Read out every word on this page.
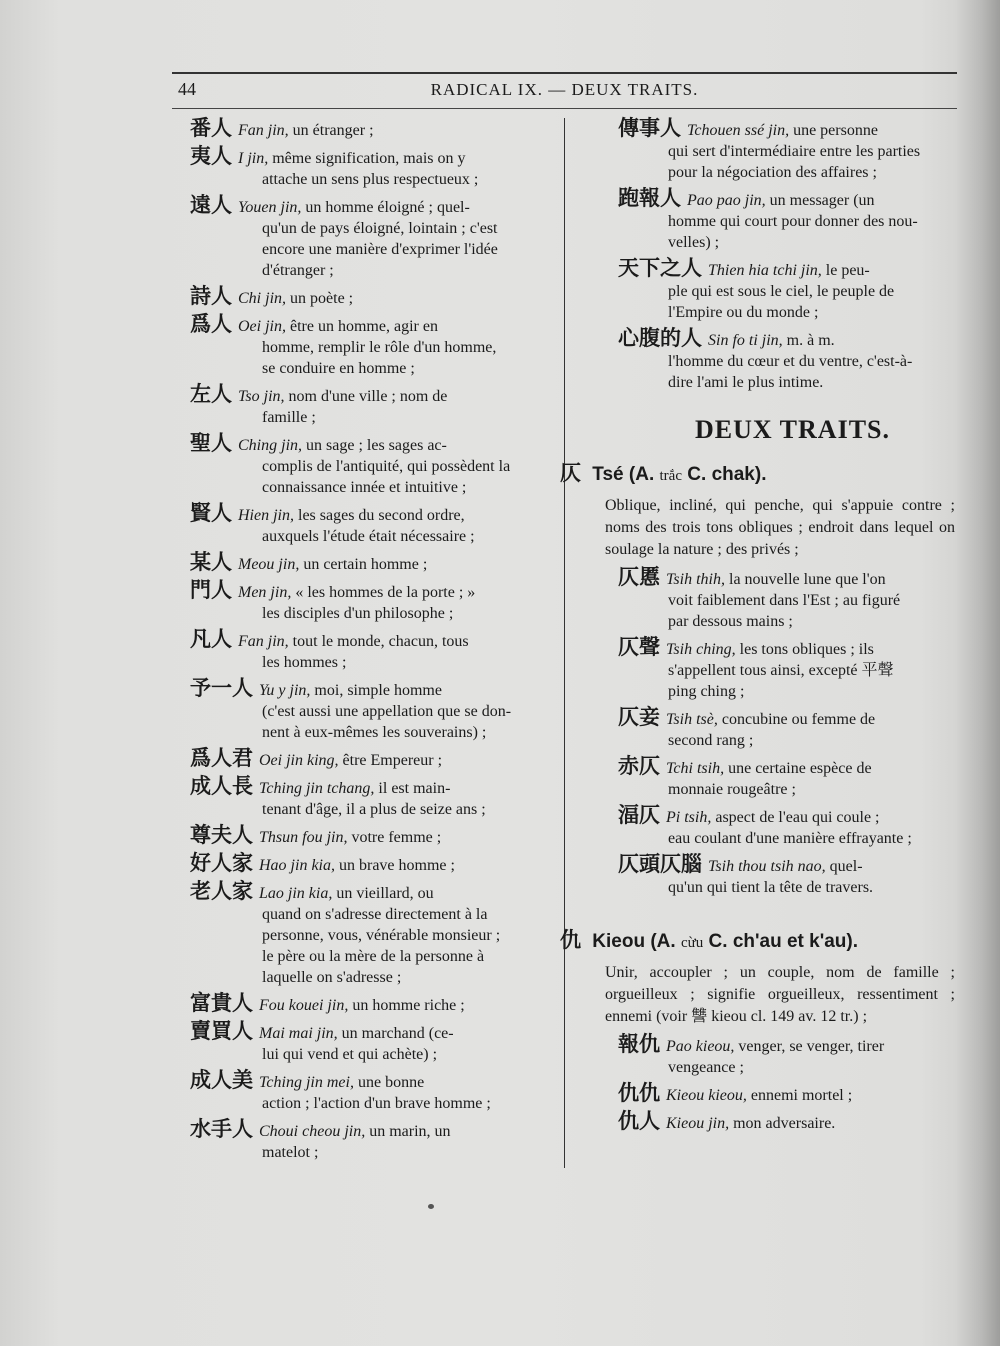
44	RADICAL IX. — DEUX TRAITS.

番人 Fan jin, un étranger ;

夷人 I jin, même signification, mais on y

attache un sens plus respectueux ;

遠人 Youen jin, un homme éloigné ; quel-

qu'un de pays éloigné, lointain ; c'est

encore une manière d'exprimer l'idée

d'étranger ;

詩人 Chi jin, un poète ;

爲人 Oei jin, être un homme, agir en

homme, remplir le rôle d'un homme,

se conduire en homme ;

左人 Tso jin, nom d'une ville ; nom de

famille ;

聖人 Ching jin, un sage ; les sages ac-

complis de l'antiquité, qui possèdent la

connaissance innée et intuitive ;

賢人 Hien jin, les sages du second ordre,

auxquels l'étude était nécessaire ;

某人 Meou jin, un certain homme ;

門人 Men jin, « les hommes de la porte ; »

les disciples d'un philosophe ;

凡人 Fan jin, tout le monde, chacun, tous

les hommes ;

予一人 Yu y jin, moi, simple homme

(c'est aussi une appellation que se don-

nent à eux-mêmes les souverains) ;

爲人君 Oei jin king, être Empereur ;

成人長 Tching jin tchang, il est main-

tenant d'âge, il a plus de seize ans ;

尊夫人 Thsun fou jin, votre femme ;

好人家 Hao jin kia, un brave homme ;

老人家 Lao jin kia, un vieillard, ou

quand on s'adresse directement à la

personne, vous, vénérable monsieur ;

le père ou la mère de la personne à

laquelle on s'adresse ;

富貴人 Fou kouei jin, un homme riche ;

賣買人 Mai mai jin, un marchand (ce-

lui qui vend et qui achète) ;

成人美 Tching jin mei, une bonne

action ; l'action d'un brave homme ;

水手人 Choui cheou jin, un marin, un

matelot ;

傳事人 Tchouen ssé jin, une personne

qui sert d'intermédiaire entre les parties

pour la négociation des affaires ;

跑報人 Pao pao jin, un messager (un

homme qui court pour donner des nou-

velles) ;

天下之人 Thien hia tchi jin, le peu-

ple qui est sous le ciel, le peuple de

l'Empire ou du monde ;

心腹的人 Sin fo ti jin, m. à m.

l'homme du cœur et du ventre, c'est-à-

dire l'ami le plus intime.

DEUX TRAITS.
仄 Tsé (A. trắc C. chak).
Oblique, incliné, qui penche, qui s'appuie contre ; noms des trois tons obliques ; endroit dans lequel on soulage la nature ; des privés ;

仄慝 Tsih thih, la nouvelle lune que l'on

voit faiblement dans l'Est ; au figuré

par dessous mains ;

仄聲 Tsih ching, les tons obliques ; ils

s'appellent tous ainsi, excepté 平聲

ping ching ;

仄妾 Tsih tsè, concubine ou femme de

second rang ;

赤仄 Tchi tsih, une certaine espèce de

monnaie rougeâtre ;

湢仄 Pi tsih, aspect de l'eau qui coule ;

eau coulant d'une manière effrayante ;

仄頭仄腦 Tsih thou tsih nao, quel-

qu'un qui tient la tête de travers.

仇 Kieou (A. cừu C. ch'au et k'au).
Unir, accoupler ; un couple, nom de famille ; orgueilleux ; signifie orgueilleux, ressentiment ; ennemi (voir 讐 kieou cl. 149 av. 12 tr.) ;

報仇 Pao kieou, venger, se venger, tirer

vengeance ;

仇仇 Kieou kieou, ennemi mortel ;

仇人 Kieou jin, mon adversaire.
